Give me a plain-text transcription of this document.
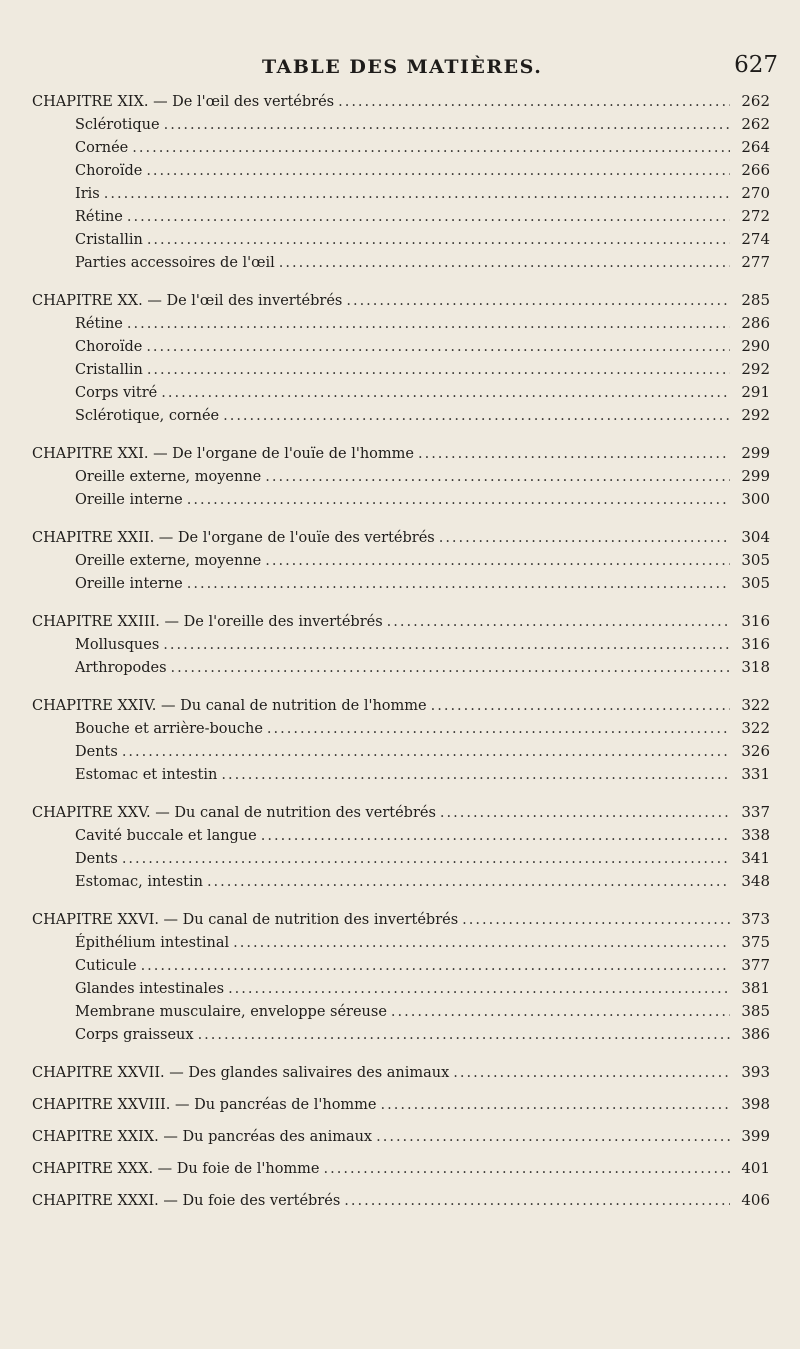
TABLE DES MATIÈRES.	627
CHAPITRE XIX. — De l'œil des vertébrés .....	262
Sclérotique .....	262
Cornée .....	264
Choroïde .....	266
Iris .....	270
Rétine .....	272
Cristallin .....	274
Parties accessoires de l'œil .....	277
CHAPITRE XX. — De l'œil des invertébrés .....	285
Rétine .....	286
Choroïde .....	290
Cristallin .....	292
Corps vitré .....	291
Sclérotique, cornée .....	292
CHAPITRE XXI. — De l'organe de l'ouïe de l'homme .....	299
Oreille externe, moyenne .....	299
Oreille interne .....	300
CHAPITRE XXII. — De l'organe de l'ouïe des vertébrés .....	304
Oreille externe, moyenne .....	305
Oreille interne .....	305
CHAPITRE XXIII. — De l'oreille des invertébrés .....	316
Mollusques .....	316
Arthropodes .....	318
CHAPITRE XXIV. — Du canal de nutrition de l'homme .....	322
Bouche et arrière-bouche .....	322
Dents .....	326
Estomac et intestin .....	331
CHAPITRE XXV. — Du canal de nutrition des vertébrés .....	337
Cavité buccale et langue .....	338
Dents .....	341
Estomac, intestin .....	348
CHAPITRE XXVI. — Du canal de nutrition des invertébrés .....	373
Épithélium intestinal .....	375
Cuticule .....	377
Glandes intestinales .....	381
Membrane musculaire, enveloppe séreuse .....	385
Corps graisseux .....	386
CHAPITRE XXVII. — Des glandes salivaires des animaux .....	393
CHAPITRE XXVIII. — Du pancréas de l'homme .....	398
CHAPITRE XXIX. — Du pancréas des animaux .....	399
CHAPITRE XXX. — Du foie de l'homme .....	401
CHAPITRE XXXI. — Du foie des vertébrés .....	406
